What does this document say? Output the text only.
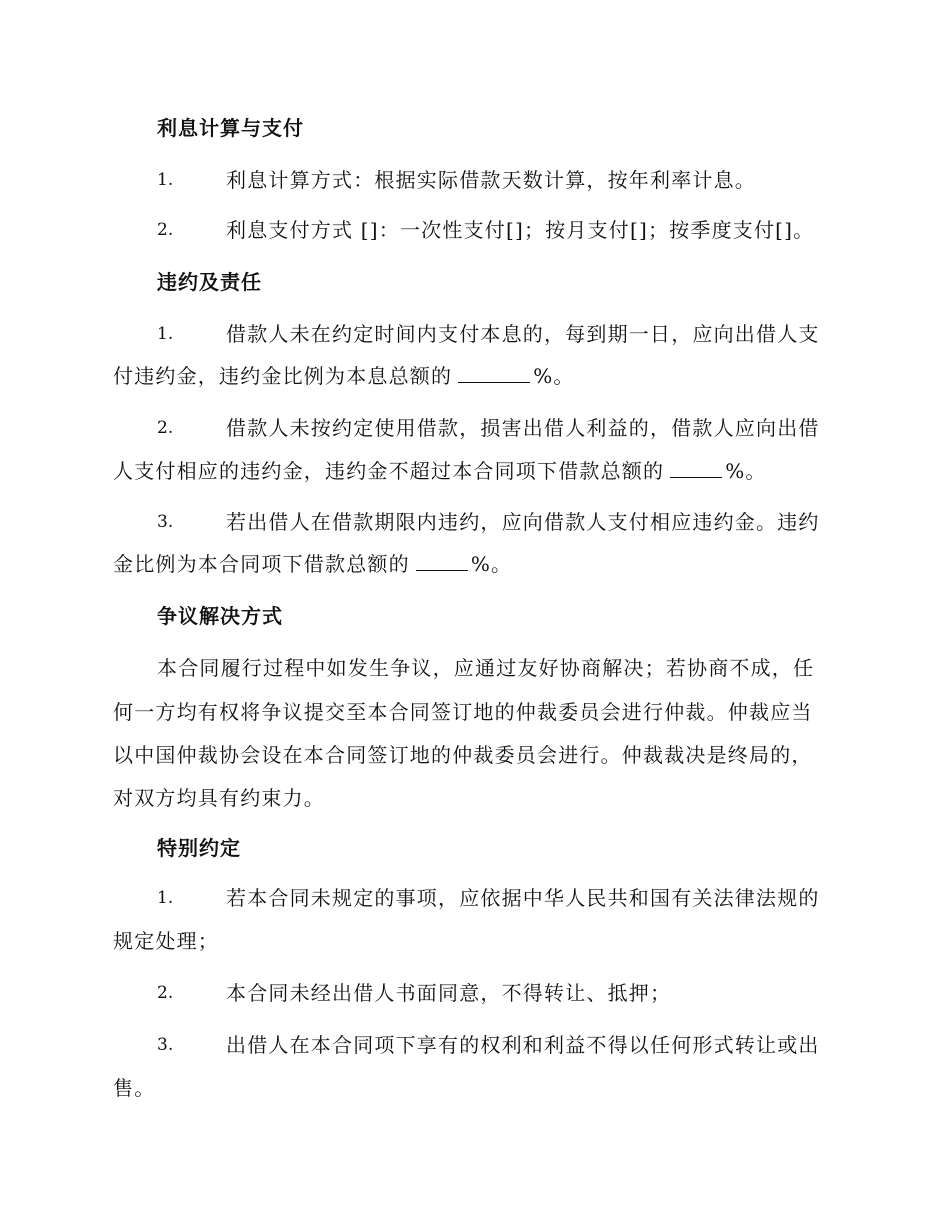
利息计算与支付
1.	利息计算方式：根据实际借款天数计算，按年利率计息。
2.	利息支付方式 []：一次性支付[]；按月支付[]；按季度支付[]。
违约及责任
1.	借款人未在约定时间内支付本息的，每到期一日，应向出借人支
付违约金，违约金比例为本息总额的	%。
2.	借款人未按约定使用借款，损害出借人利益的，借款人应向出借
人支付相应的违约金，违约金不超过本合同项下借款总额的	%。
3.	若出借人在借款期限内违约，应向借款人支付相应违约金。违约
金比例为本合同项下借款总额的	%。
争议解决方式
本合同履行过程中如发生争议，应通过友好协商解决；若协商不成，任
何一方均有权将争议提交至本合同签订地的仲裁委员会进行仲裁。仲裁应当
以中国仲裁协会设在本合同签订地的仲裁委员会进行。仲裁裁决是终局的，
对双方均具有约束力。
特别约定
1.	若本合同未规定的事项，应依据中华人民共和国有关法律法规的
规定处理；
2.	本合同未经出借人书面同意，不得转让、抵押；
3.	出借人在本合同项下享有的权利和利益不得以任何形式转让或出
售。
